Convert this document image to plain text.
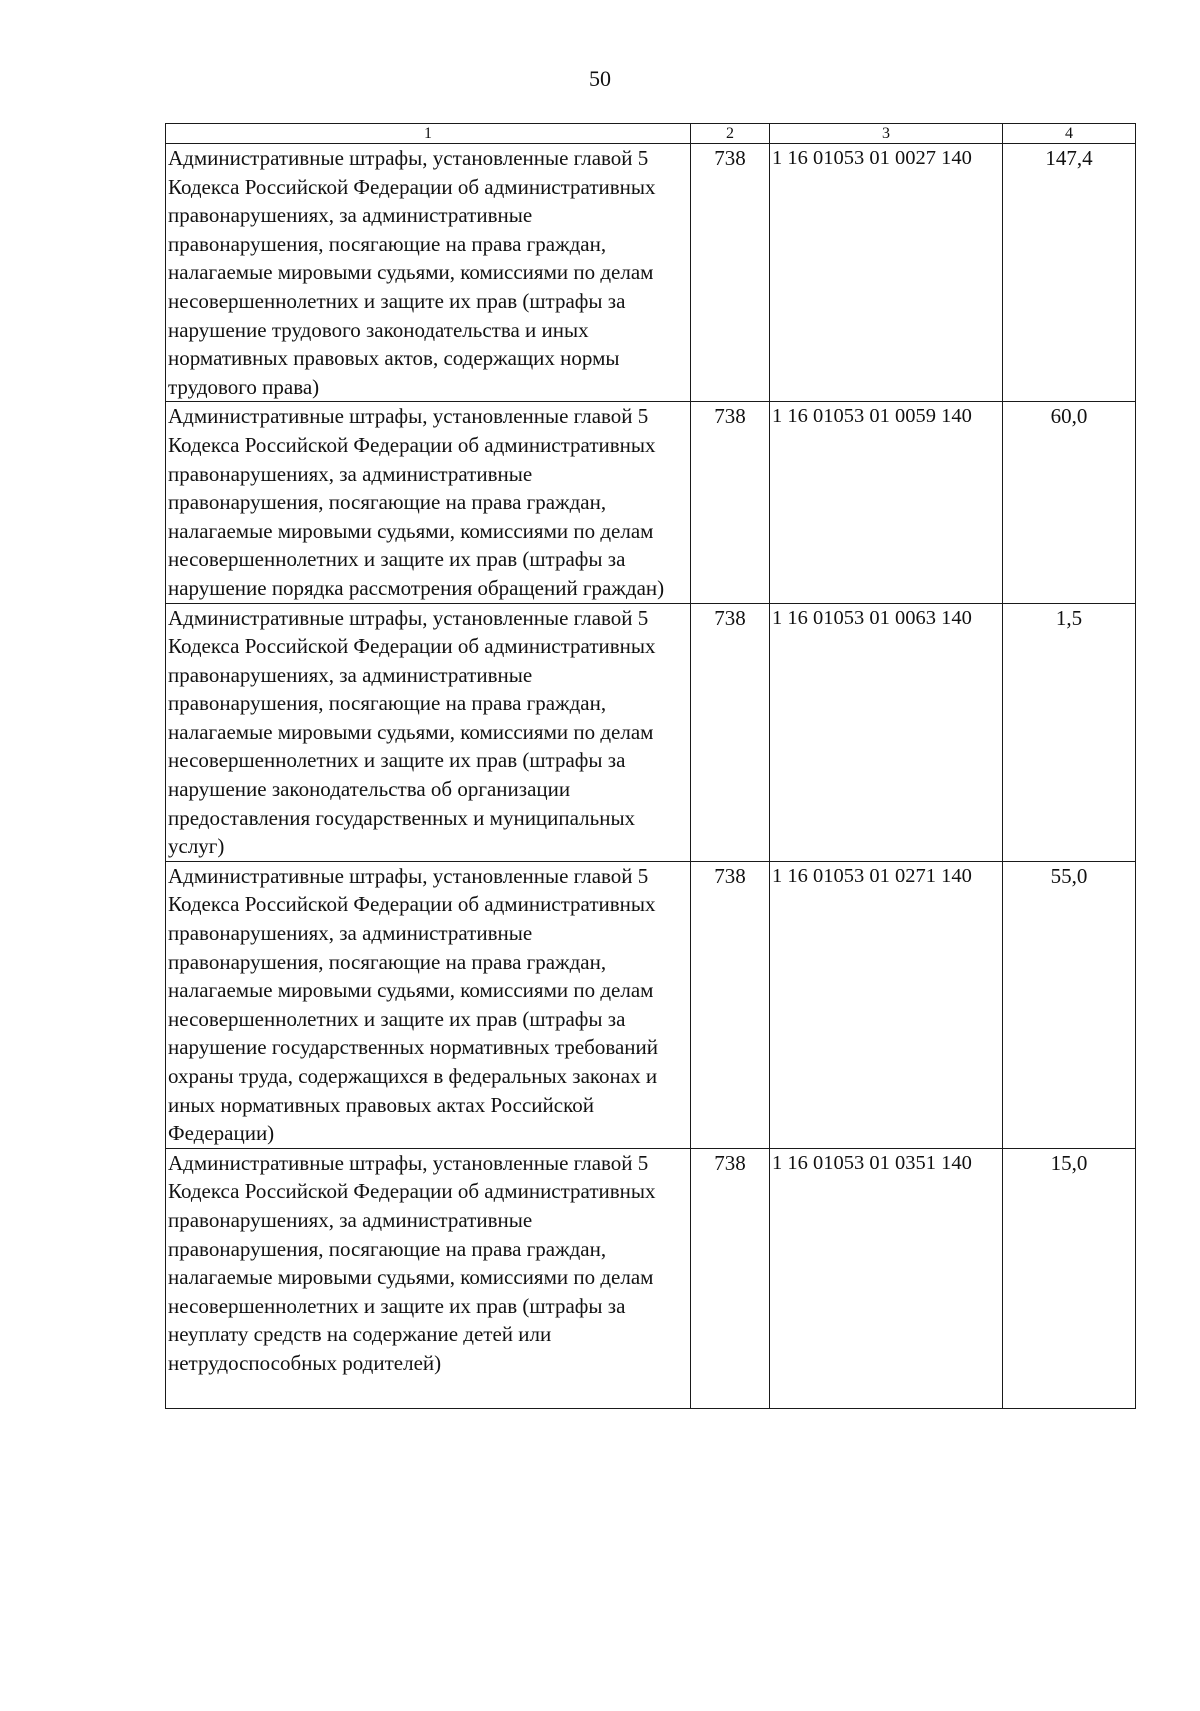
50
1	2	3	4
Административные штрафы, установленные главой 5 Кодекса Российской Федерации об административных правонарушениях, за административные правонарушения, посягающие на права граждан, налагаемые мировыми судьями, комиссиями по делам несовершеннолетних и защите их прав (штрафы за нарушение трудового законодательства и иных нормативных правовых актов, содержащих нормы трудового права)	738	1 16 01053 01 0027 140	147,4
Административные штрафы, установленные главой 5 Кодекса Российской Федерации об административных правонарушениях, за административные правонарушения, посягающие на права граждан, налагаемые мировыми судьями, комиссиями по делам несовершеннолетних и защите их прав (штрафы за нарушение порядка рассмотрения обращений граждан)	738	1 16 01053 01 0059 140	60,0
Административные штрафы, установленные главой 5 Кодекса Российской Федерации об административных правонарушениях, за административные правонарушения, посягающие на права граждан, налагаемые мировыми судьями, комиссиями по делам несовершеннолетних и защите их прав (штрафы за нарушение законодательства об организации предоставления государственных и муниципальных услуг)	738	1 16 01053 01 0063 140	1,5
Административные штрафы, установленные главой 5 Кодекса Российской Федерации об административных правонарушениях, за административные правонарушения, посягающие на права граждан, налагаемые мировыми судьями, комиссиями по делам несовершеннолетних и защите их прав (штрафы за нарушение государственных нормативных требований охраны труда, содержащихся в федеральных законах и иных нормативных правовых актах Российской Федерации)	738	1 16 01053 01 0271 140	55,0
Административные штрафы, установленные главой 5 Кодекса Российской Федерации об административных правонарушениях, за административные правонарушения, посягающие на права граждан, налагаемые мировыми судьями, комиссиями по делам несовершеннолетних и защите их прав (штрафы за неуплату средств на содержание детей или нетрудоспособных родителей)	738	1 16 01053 01 0351 140	15,0
